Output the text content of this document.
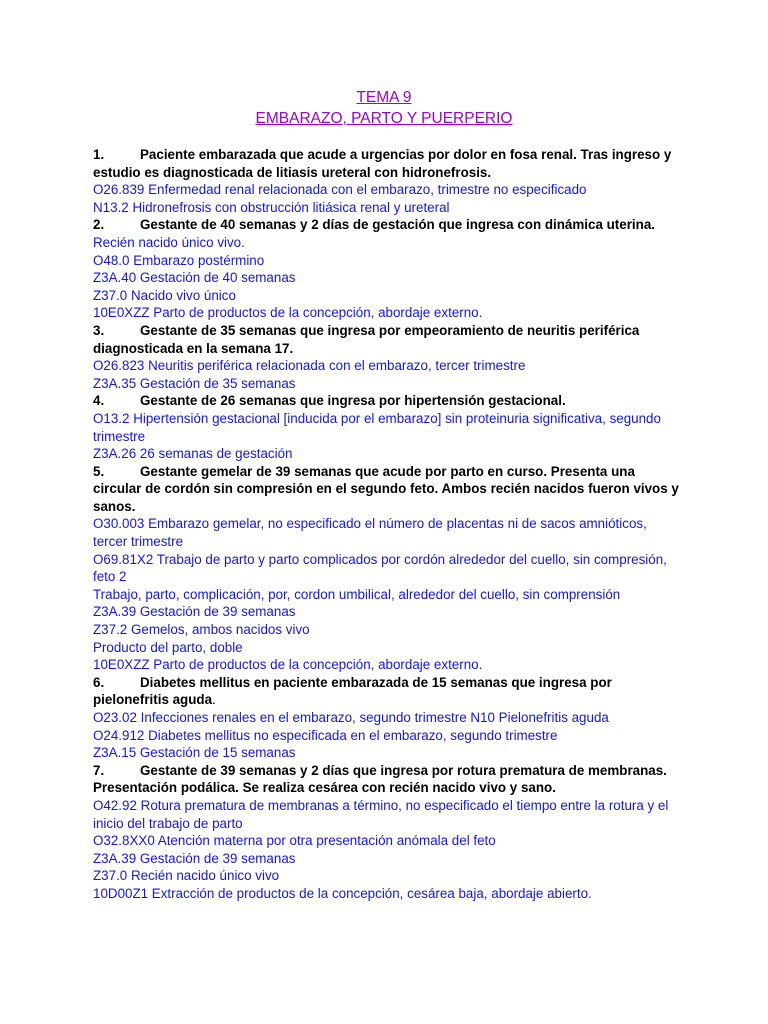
TEMA 9
EMBARAZO, PARTO Y PUERPERIO
1.	Paciente embarazada que acude a urgencias por dolor en fosa renal. Tras ingreso y estudio es diagnosticada de litiasis ureteral con hidronefrosis.
O26.839 Enfermedad renal relacionada con el embarazo, trimestre no especificado
N13.2 Hidronefrosis con obstrucción litiásica renal y ureteral
2.	Gestante de 40 semanas y 2 días de gestación que ingresa con dinámica uterina. Recién nacido único vivo.
O48.0 Embarazo postérmino
Z3A.40 Gestación de 40 semanas
Z37.0 Nacido vivo único
10E0XZZ Parto de productos de la concepción, abordaje externo.
3.	Gestante de 35 semanas que ingresa por empeoramiento de neuritis periférica diagnosticada en la semana 17.
O26.823 Neuritis periférica relacionada con el embarazo, tercer trimestre
Z3A.35 Gestación de 35 semanas
4.	Gestante de 26 semanas que ingresa por hipertensión gestacional.
O13.2 Hipertensión gestacional [inducida por el embarazo] sin proteinuria significativa, segundo trimestre
Z3A.26 26 semanas de gestación
5.	Gestante gemelar de 39 semanas que acude por parto en curso. Presenta una circular de cordón sin compresión en el segundo feto. Ambos recién nacidos fueron vivos y sanos.
O30.003 Embarazo gemelar, no especificado el número de placentas ni de sacos amnióticos, tercer trimestre
O69.81X2 Trabajo de parto y parto complicados por cordón alrededor del cuello, sin compresión, feto 2
Trabajo, parto, complicación, por, cordon umbilical, alrededor del cuello, sin comprensión
Z3A.39 Gestación de 39 semanas
Z37.2 Gemelos, ambos nacidos vivo
Producto del parto, doble
10E0XZZ Parto de productos de la concepción, abordaje externo.
6.	Diabetes mellitus en paciente embarazada de 15 semanas que ingresa por pielonefritis aguda.
O23.02 Infecciones renales en el embarazo, segundo trimestre N10 Pielonefritis aguda
O24.912 Diabetes mellitus no especificada en el embarazo, segundo trimestre
Z3A.15 Gestación de 15 semanas
7.	Gestante de 39 semanas y 2 días que ingresa por rotura prematura de membranas. Presentación podálica. Se realiza cesárea con recién nacido vivo y sano.
O42.92 Rotura prematura de membranas a término, no especificado el tiempo entre la rotura y el inicio del trabajo de parto
O32.8XX0 Atención materna por otra presentación anómala del feto
Z3A.39 Gestación de 39 semanas
Z37.0 Recién nacido único vivo
10D00Z1 Extracción de productos de la concepción, cesárea baja, abordaje abierto.
